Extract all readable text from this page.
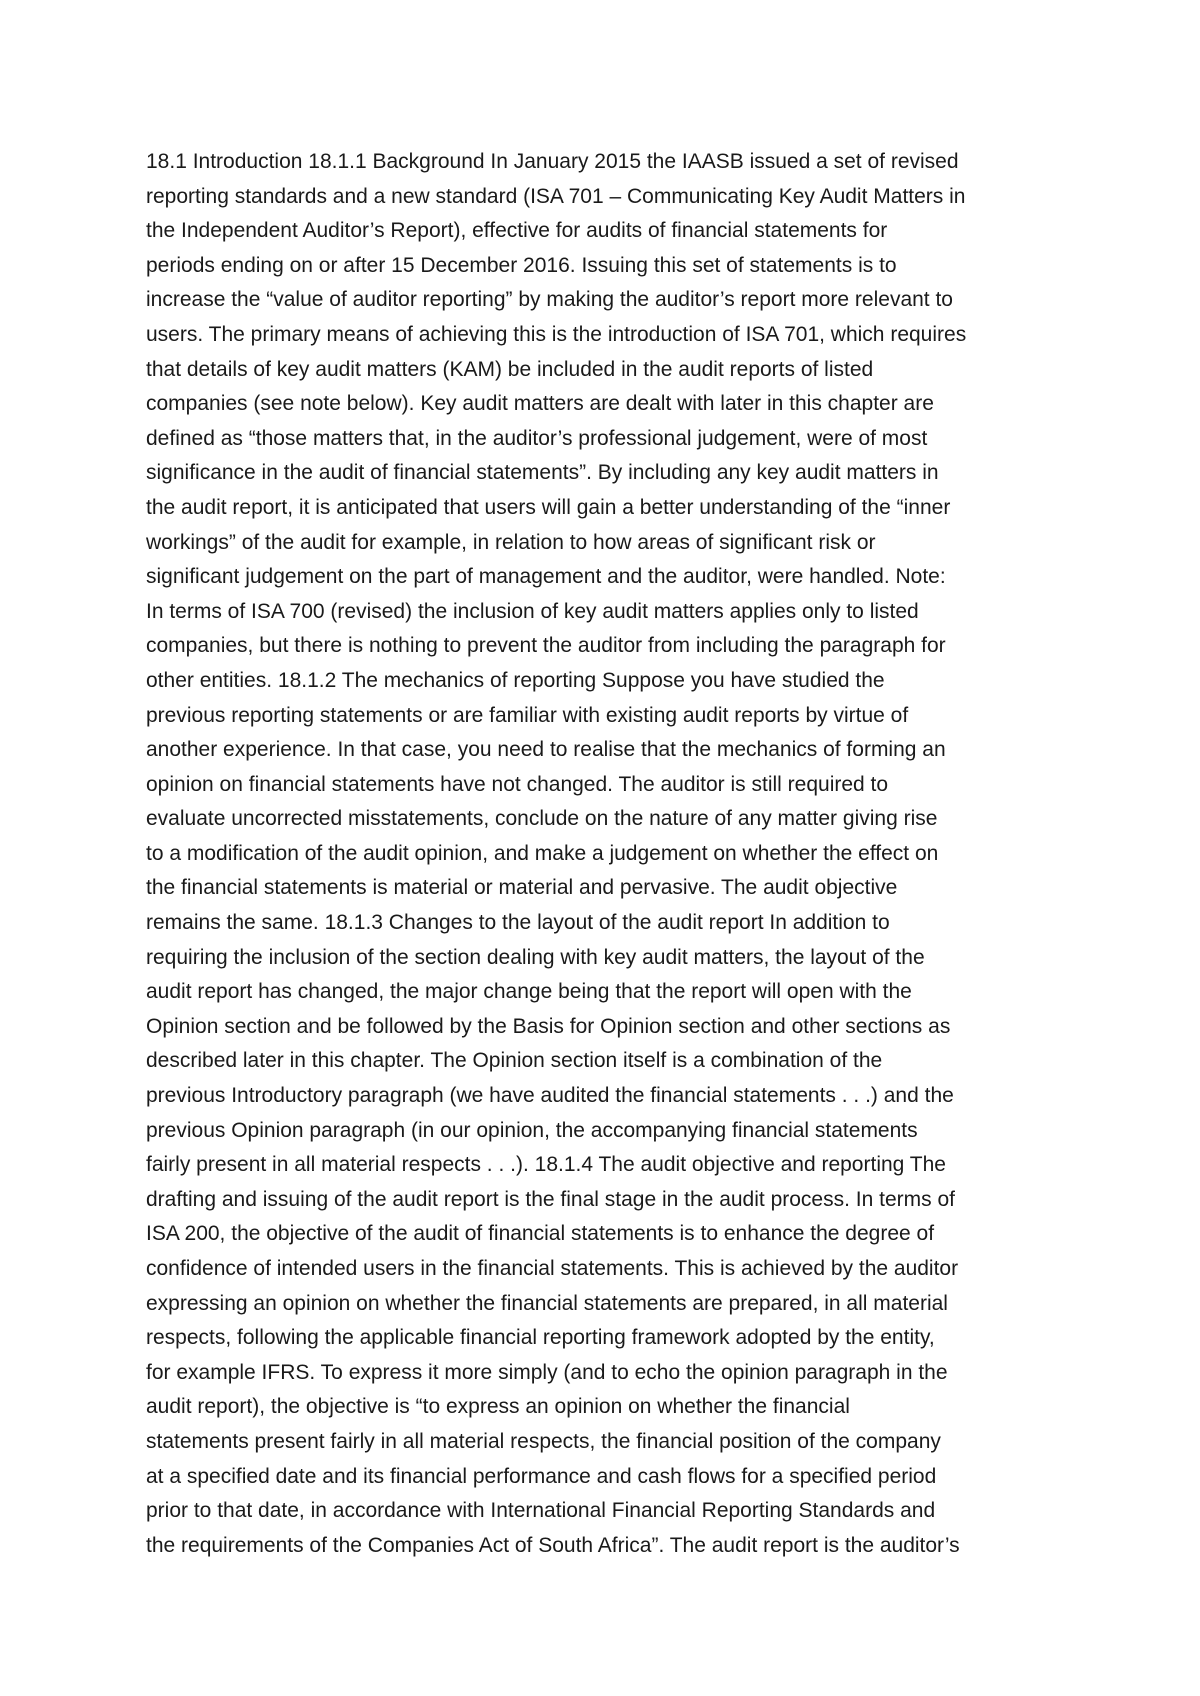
18.1 Introduction 18.1.1 Background In January 2015 the IAASB issued a set of revised
reporting standards and a new standard (ISA 701 – Communicating Key Audit Matters in
the Independent Auditor’s Report), effective for audits of financial statements for
periods ending on or after 15 December 2016. Issuing this set of statements is to
increase the “value of auditor reporting” by making the auditor’s report more relevant to
users. The primary means of achieving this is the introduction of ISA 701, which requires
that details of key audit matters (KAM) be included in the audit reports of listed
companies (see note below). Key audit matters are dealt with later in this chapter are
defined as “those matters that, in the auditor’s professional judgement, were of most
significance in the audit of financial statements”. By including any key audit matters in
the audit report, it is anticipated that users will gain a better understanding of the “inner
workings” of the audit for example, in relation to how areas of significant risk or
significant judgement on the part of management and the auditor, were handled. Note:
In terms of ISA 700 (revised) the inclusion of key audit matters applies only to listed
companies, but there is nothing to prevent the auditor from including the paragraph for
other entities. 18.1.2 The mechanics of reporting Suppose you have studied the
previous reporting statements or are familiar with existing audit reports by virtue of
another experience. In that case, you need to realise that the mechanics of forming an
opinion on financial statements have not changed. The auditor is still required to
evaluate uncorrected misstatements, conclude on the nature of any matter giving rise
to a modification of the audit opinion, and make a judgement on whether the effect on
the financial statements is material or material and pervasive. The audit objective
remains the same. 18.1.3 Changes to the layout of the audit report In addition to
requiring the inclusion of the section dealing with key audit matters, the layout of the
audit report has changed, the major change being that the report will open with the
Opinion section and be followed by the Basis for Opinion section and other sections as
described later in this chapter. The Opinion section itself is a combination of the
previous Introductory paragraph (we have audited the financial statements . . .) and the
previous Opinion paragraph (in our opinion, the accompanying financial statements
fairly present in all material respects . . .). 18.1.4 The audit objective and reporting The
drafting and issuing of the audit report is the final stage in the audit process. In terms of
ISA 200, the objective of the audit of financial statements is to enhance the degree of
confidence of intended users in the financial statements. This is achieved by the auditor
expressing an opinion on whether the financial statements are prepared, in all material
respects, following the applicable financial reporting framework adopted by the entity,
for example IFRS. To express it more simply (and to echo the opinion paragraph in the
audit report), the objective is “to express an opinion on whether the financial
statements present fairly in all material respects, the financial position of the company
at a specified date and its financial performance and cash flows for a specified period
prior to that date, in accordance with International Financial Reporting Standards and
the requirements of the Companies Act of South Africa”. The audit report is the auditor’s
